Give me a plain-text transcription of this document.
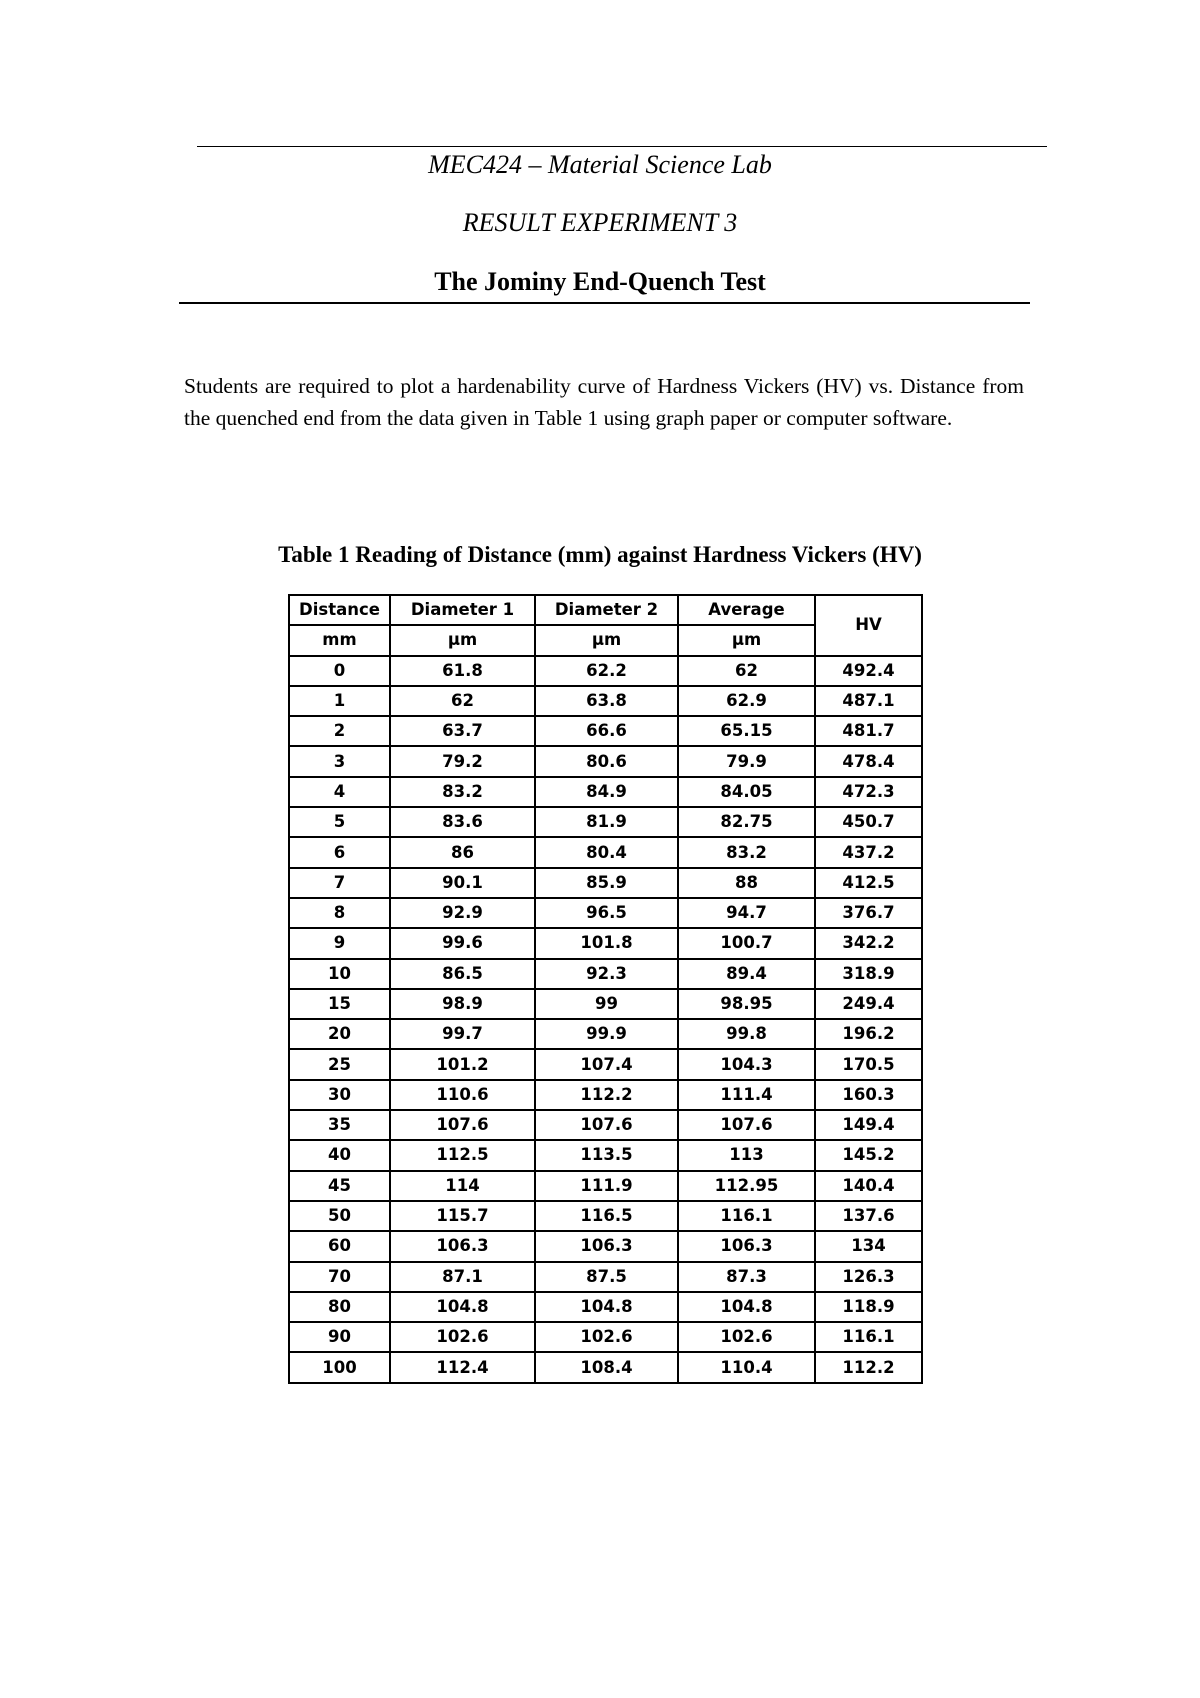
MEC424 – Material Science Lab
RESULT EXPERIMENT 3
The Jominy End-Quench Test

Students are required to plot a hardenability curve of Hardness Vickers (HV) vs. Distance from the quenched end from the data given in Table 1 using graph paper or computer software.

Table 1 Reading of Distance (mm) against Hardness Vickers (HV)
Distance	Diameter 1	Diameter 2	Average	HV
mm	µm	µm	µm	
0	61.8	62.2	62	492.4
1	62	63.8	62.9	487.1
2	63.7	66.6	65.15	481.7
3	79.2	80.6	79.9	478.4
4	83.2	84.9	84.05	472.3
5	83.6	81.9	82.75	450.7
6	86	80.4	83.2	437.2
7	90.1	85.9	88	412.5
8	92.9	96.5	94.7	376.7
9	99.6	101.8	100.7	342.2
10	86.5	92.3	89.4	318.9
15	98.9	99	98.95	249.4
20	99.7	99.9	99.8	196.2
25	101.2	107.4	104.3	170.5
30	110.6	112.2	111.4	160.3
35	107.6	107.6	107.6	149.4
40	112.5	113.5	113	145.2
45	114	111.9	112.95	140.4
50	115.7	116.5	116.1	137.6
60	106.3	106.3	106.3	134
70	87.1	87.5	87.3	126.3
80	104.8	104.8	104.8	118.9
90	102.6	102.6	102.6	116.1
100	112.4	108.4	110.4	112.2
